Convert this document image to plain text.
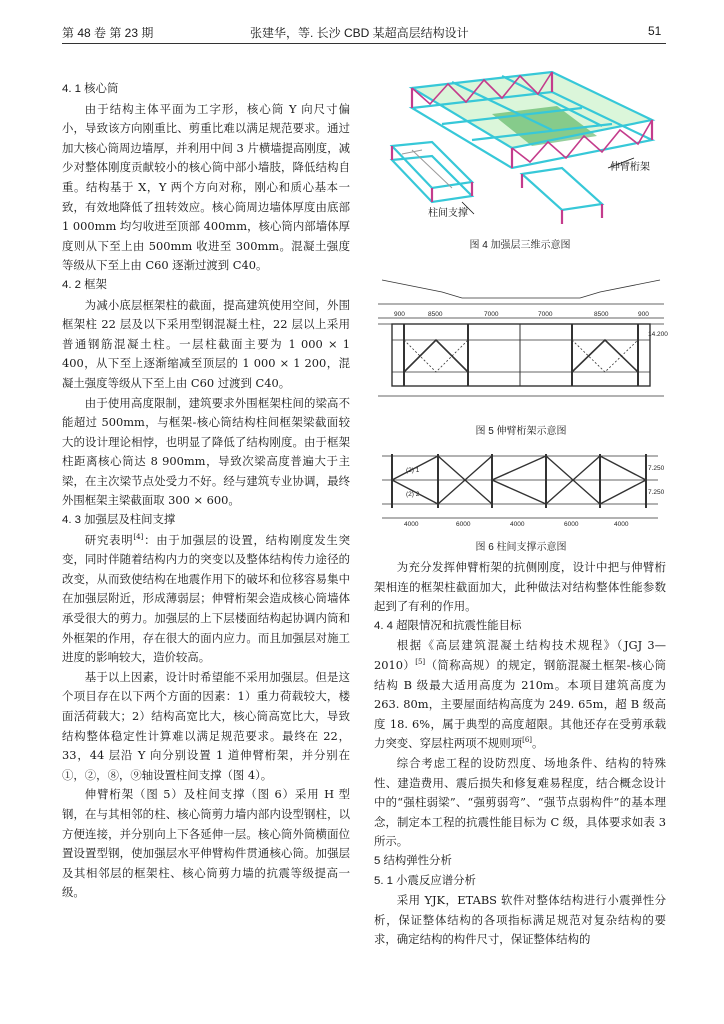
第 48 卷 第 23 期	张建华，等. 长沙 CBD 某超高层结构设计	51

4. 1 核心筒

由于结构主体平面为工字形，核心筒 Y 向尺寸偏小，导致该方向刚重比、剪重比难以满足规范要求。通过加大核心筒周边墙厚，并利用中间 3 片横墙提高刚度，减少对整体刚度贡献较小的核心筒中部小墙肢，降低结构自重。结构基于 X，Y 两个方向对称，刚心和质心基本一致，有效地降低了扭转效应。核心筒周边墙体厚度由底部 1 000mm 均匀收进至顶部 400mm，核心筒内部墙体厚度则从下至上由 500mm 收进至 300mm。混凝土强度等级从下至上由 C60 逐渐过渡到 C40。

4. 2 框架

为减小底层框架柱的截面，提高建筑使用空间，外围框架柱 22 层及以下采用型钢混凝土柱，22 层以上采用普通钢筋混凝土柱。一层柱截面主要为 1 000 × 1 400，从下至上逐渐缩减至顶层的 1 000 × 1 200，混凝土强度等级从下至上由 C60 过渡到 C40。

由于使用高度限制，建筑要求外围框架柱间的梁高不能超过 500mm，与框架-核心筒结构柱间框架梁截面较大的设计理论相悖，也明显了降低了结构刚度。由于框架柱距离核心筒达 8 900mm，导致次梁高度普遍大于主梁，在主次梁节点处受力不好。经与建筑专业协调，最终外围框架主梁截面取 300 × 600。

4. 3 加强层及柱间支撑

研究表明[4]：由于加强层的设置，结构刚度发生突变，同时伴随着结构内力的突变以及整体结构传力途径的改变，从而致使结构在地震作用下的破坏和位移容易集中在加强层附近，形成薄弱层；伸臂桁架会造成核心筒墙体承受很大的剪力。加强层的上下层楼面结构起协调内筒和外框架的作用，存在很大的面内应力。而且加强层对施工进度的影响较大，造价较高。

基于以上因素，设计时希望能不采用加强层。但是这个项目存在以下两个方面的因素：1）重力荷载较大，楼面活荷载大；2）结构高宽比大，核心筒高宽比大，导致结构整体稳定性计算难以满足规范要求。最终在 22，33，44 层沿 Y 向分别设置 1 道伸臂桁架，并分别在①，②，⑧，⑨轴设置柱间支撑（图 4）。

伸臂桁架（图 5）及柱间支撑（图 6）采用 H 型钢，在与其相邻的柱、核心筒剪力墙内部内设型钢柱，以方便连接，并分别向上下各延伸一层。核心筒外筒横面位置设置型钢，使加强层水平伸臂构件贯通核心筒。加强层及其相邻层的框架柱、核心筒剪力墙的抗震等级提高一级。

伸臂桁架
柱间支撑
图 4 加强层三维示意图
900	8500	7000	7000	8500	900
14.200
图 5 伸臂桁架示意图
(2) 1
(2) 2
4000	6000	4000	6000	4000
7.250
7.250
图 6 柱间支撑示意图

为充分发挥伸臂桁架的抗侧刚度，设计中把与伸臂桁架相连的框架柱截面加大，此种做法对结构整体性能参数起到了有利的作用。

4. 4 超限情况和抗震性能目标

根据《高层建筑混凝土结构技术规程》（JGJ 3—2010）[5]（简称高规）的规定，钢筋混凝土框架-核心筒结构 B 级最大适用高度为 210m。本项目建筑高度为 263. 80m，主要屋面结构高度为 249. 65m，超 B 级高度 18. 6%，属于典型的高度超限。其他还存在受剪承载力突变、穿层柱两项不规则项[6]。

综合考虑工程的设防烈度、场地条件、结构的特殊性、建造费用、震后损失和修复难易程度，结合概念设计中的“强柱弱梁”、“强剪弱弯”、“强节点弱构件”的基本理念，制定本工程的抗震性能目标为 C 级，具体要求如表 3 所示。

5 结构弹性分析

5. 1 小震反应谱分析

采用 YJK，ETABS 软件对整体结构进行小震弹性分析，保证整体结构的各项指标满足规范对复杂结构的要求，确定结构的构件尺寸，保证整体结构的
